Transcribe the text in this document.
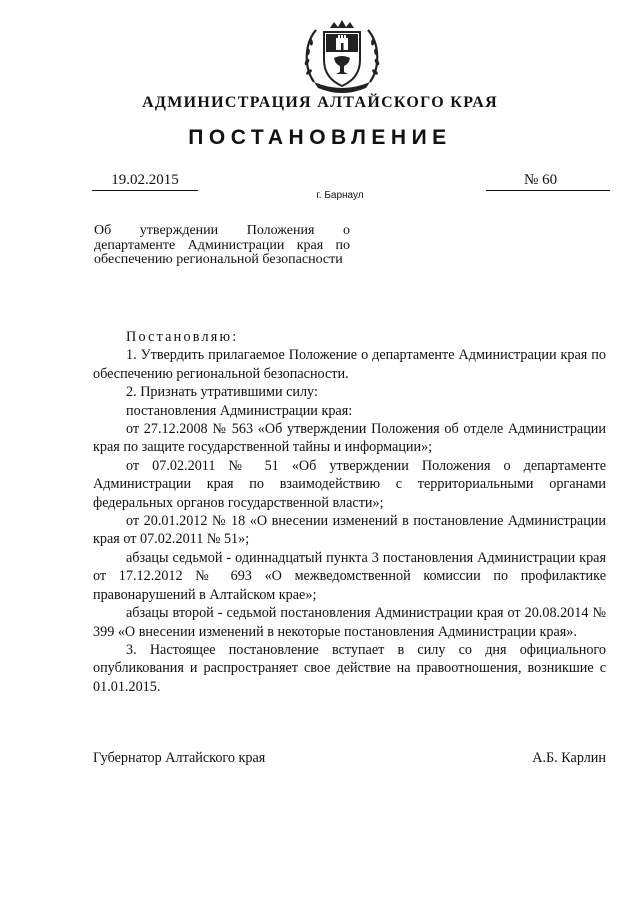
АДМИНИСТРАЦИЯ АЛТАЙСКОГО КРАЯ
ПОСТАНОВЛЕНИЕ
19.02.2015	№ 60
г. Барнаул
Об утверждении Положения о департаменте Администрации края по обеспечению региональной безопасности

Постановляю:

1. Утвердить прилагаемое Положение о департаменте Администрации края по обеспечению региональной безопасности.

2. Признать утратившими силу:

постановления Администрации края:

от 27.12.2008 № 563 «Об утверждении Положения об отделе Администрации края по защите государственной тайны и информации»;

от 07.02.2011 № 51 «Об утверждении Положения о департаменте Администрации края по взаимодействию с территориальными органами федеральных органов государственной власти»;

от 20.01.2012 № 18 «О внесении изменений в постановление Администрации края от 07.02.2011 № 51»;

абзацы седьмой - одиннадцатый пункта 3 постановления Администрации края от 17.12.2012 № 693 «О межведомственной комиссии по профилактике правонарушений в Алтайском крае»;

абзацы второй - седьмой постановления Администрации края от 20.08.2014 № 399 «О внесении изменений в некоторые постановления Администрации края».

3. Настоящее постановление вступает в силу со дня официального опубликования и распространяет свое действие на правоотношения, возникшие с 01.01.2015.

Губернатор Алтайского края	А.Б. Карлин
